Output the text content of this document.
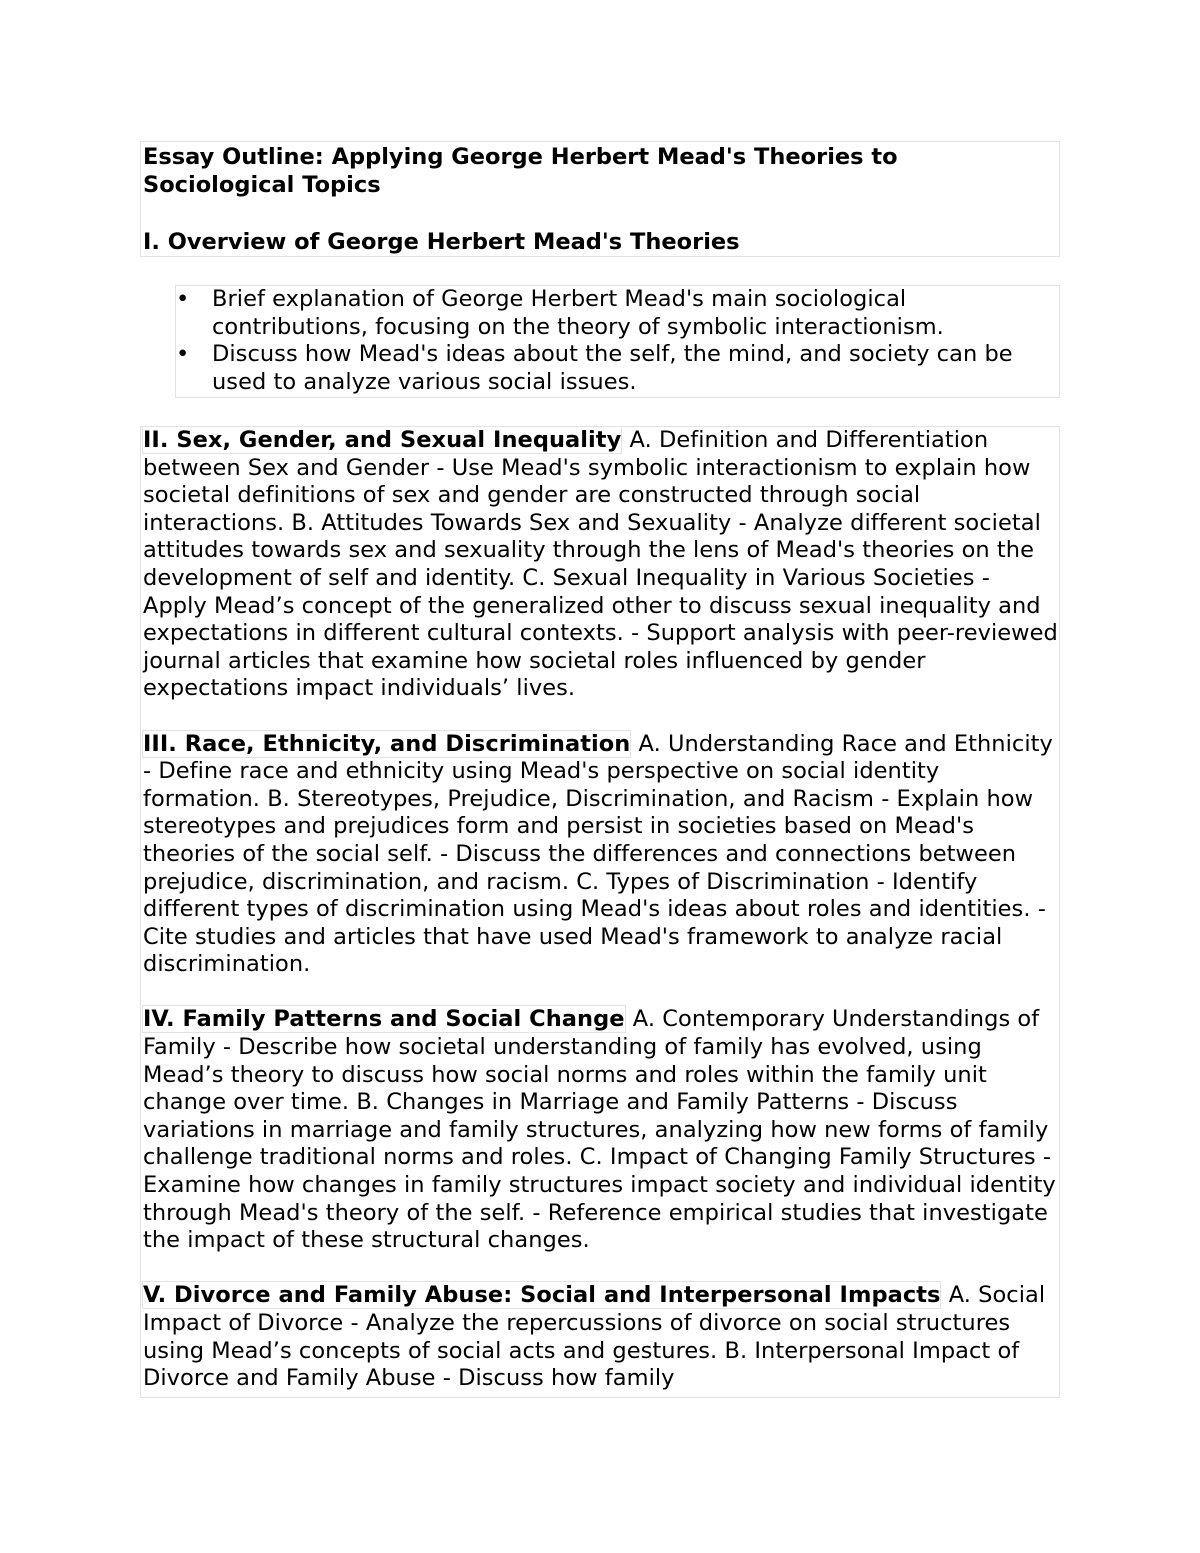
Essay Outline: Applying George Herbert Mead's Theories to Sociological Topics
I. Overview of George Herbert Mead's Theories
• Brief explanation of George Herbert Mead's main sociological contributions, focusing on the theory of symbolic interactionism.
• Discuss how Mead's ideas about the self, the mind, and society can be used to analyze various social issues.

II. Sex, Gender, and Sexual Inequality A. Definition and Differentiation between Sex and Gender - Use Mead's symbolic interactionism to explain how societal definitions of sex and gender are constructed through social interactions. B. Attitudes Towards Sex and Sexuality - Analyze different societal attitudes towards sex and sexuality through the lens of Mead's theories on the development of self and identity. C. Sexual Inequality in Various Societies - Apply Mead’s concept of the generalized other to discuss sexual inequality and expectations in different cultural contexts. - Support analysis with peer-reviewed journal articles that examine how societal roles influenced by gender expectations impact individuals’ lives.

III. Race, Ethnicity, and Discrimination A. Understanding Race and Ethnicity - Define race and ethnicity using Mead's perspective on social identity formation. B. Stereotypes, Prejudice, Discrimination, and Racism - Explain how stereotypes and prejudices form and persist in societies based on Mead's theories of the social self. - Discuss the differences and connections between prejudice, discrimination, and racism. C. Types of Discrimination - Identify different types of discrimination using Mead's ideas about roles and identities. - Cite studies and articles that have used Mead's framework to analyze racial discrimination.

IV. Family Patterns and Social Change A. Contemporary Understandings of Family - Describe how societal understanding of family has evolved, using Mead’s theory to discuss how social norms and roles within the family unit change over time. B. Changes in Marriage and Family Patterns - Discuss variations in marriage and family structures, analyzing how new forms of family challenge traditional norms and roles. C. Impact of Changing Family Structures - Examine how changes in family structures impact society and individual identity through Mead's theory of the self. - Reference empirical studies that investigate the impact of these structural changes.

V. Divorce and Family Abuse: Social and Interpersonal Impacts A. Social Impact of Divorce - Analyze the repercussions of divorce on social structures using Mead’s concepts of social acts and gestures. B. Interpersonal Impact of Divorce and Family Abuse - Discuss how family
